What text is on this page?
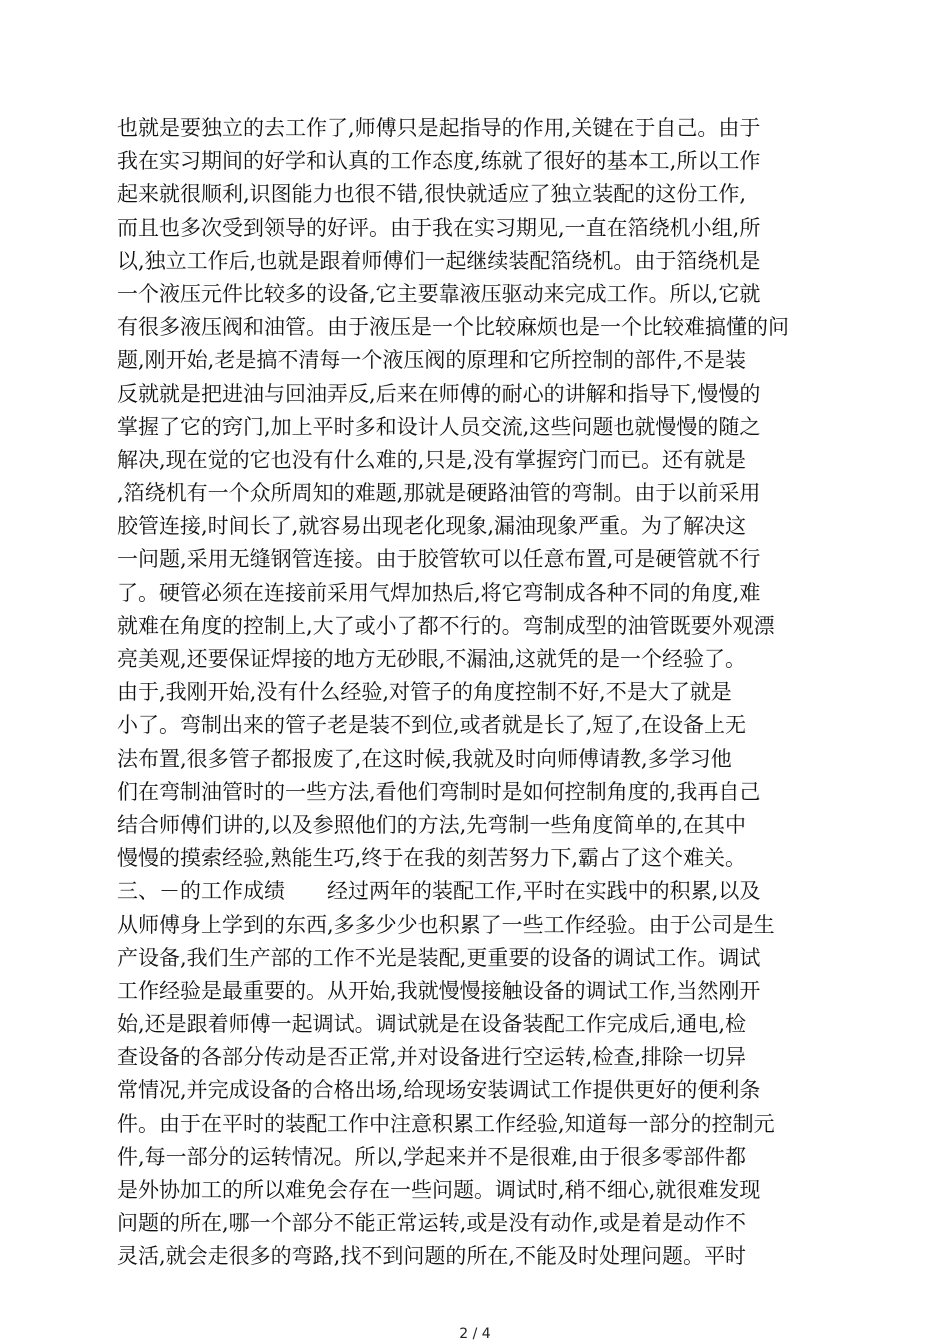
也就是要独立的去工作了,师傅只是起指导的作用,关键在于自己。由于
我在实习期间的好学和认真的工作态度,练就了很好的基本工,所以工作
起来就很顺利,识图能力也很不错,很快就适应了独立装配的这份工作,
而且也多次受到领导的好评。由于我在实习期见,一直在箔绕机小组,所
以,独立工作后,也就是跟着师傅们一起继续装配箔绕机。由于箔绕机是
一个液压元件比较多的设备,它主要靠液压驱动来完成工作。所以,它就
有很多液压阀和油管。由于液压是一个比较麻烦也是一个比较难搞懂的问
题,刚开始,老是搞不清每一个液压阀的原理和它所控制的部件,不是装
反就就是把进油与回油弄反,后来在师傅的耐心的讲解和指导下,慢慢的
掌握了它的窍门,加上平时多和设计人员交流,这些问题也就慢慢的随之
解决,现在觉的它也没有什么难的,只是,没有掌握窍门而已。还有就是
,箔绕机有一个众所周知的难题,那就是硬路油管的弯制。由于以前采用
胶管连接,时间长了,就容易出现老化现象,漏油现象严重。为了解决这
一问题,采用无缝钢管连接。由于胶管软可以任意布置,可是硬管就不行
了。硬管必须在连接前采用气焊加热后,将它弯制成各种不同的角度,难
就难在角度的控制上,大了或小了都不行的。弯制成型的油管既要外观漂
亮美观,还要保证焊接的地方无砂眼,不漏油,这就凭的是一个经验了。
由于,我刚开始,没有什么经验,对管子的角度控制不好,不是大了就是
小了。弯制出来的管子老是装不到位,或者就是长了,短了,在设备上无
法布置,很多管子都报废了,在这时候,我就及时向师傅请教,多学习他
们在弯制油管时的一些方法,看他们弯制时是如何控制角度的,我再自己
结合师傅们讲的,以及参照他们的方法,先弯制一些角度简单的,在其中
慢慢的摸索经验,熟能生巧,终于在我的刻苦努力下,霸占了这个难关。
三、－的工作成绩　　经过两年的装配工作,平时在实践中的积累,以及
从师傅身上学到的东西,多多少少也积累了一些工作经验。由于公司是生
产设备,我们生产部的工作不光是装配,更重要的设备的调试工作。调试
工作经验是最重要的。从开始,我就慢慢接触设备的调试工作,当然刚开
始,还是跟着师傅一起调试。调试就是在设备装配工作完成后,通电,检
查设备的各部分传动是否正常,并对设备进行空运转,检查,排除一切异
常情况,并完成设备的合格出场,给现场安装调试工作提供更好的便利条
件。由于在平时的装配工作中注意积累工作经验,知道每一部分的控制元
件,每一部分的运转情况。所以,学起来并不是很难,由于很多零部件都
是外协加工的所以难免会存在一些问题。调试时,稍不细心,就很难发现
问题的所在,哪一个部分不能正常运转,或是没有动作,或是着是动作不
灵活,就会走很多的弯路,找不到问题的所在,不能及时处理问题。平时
2 / 4
